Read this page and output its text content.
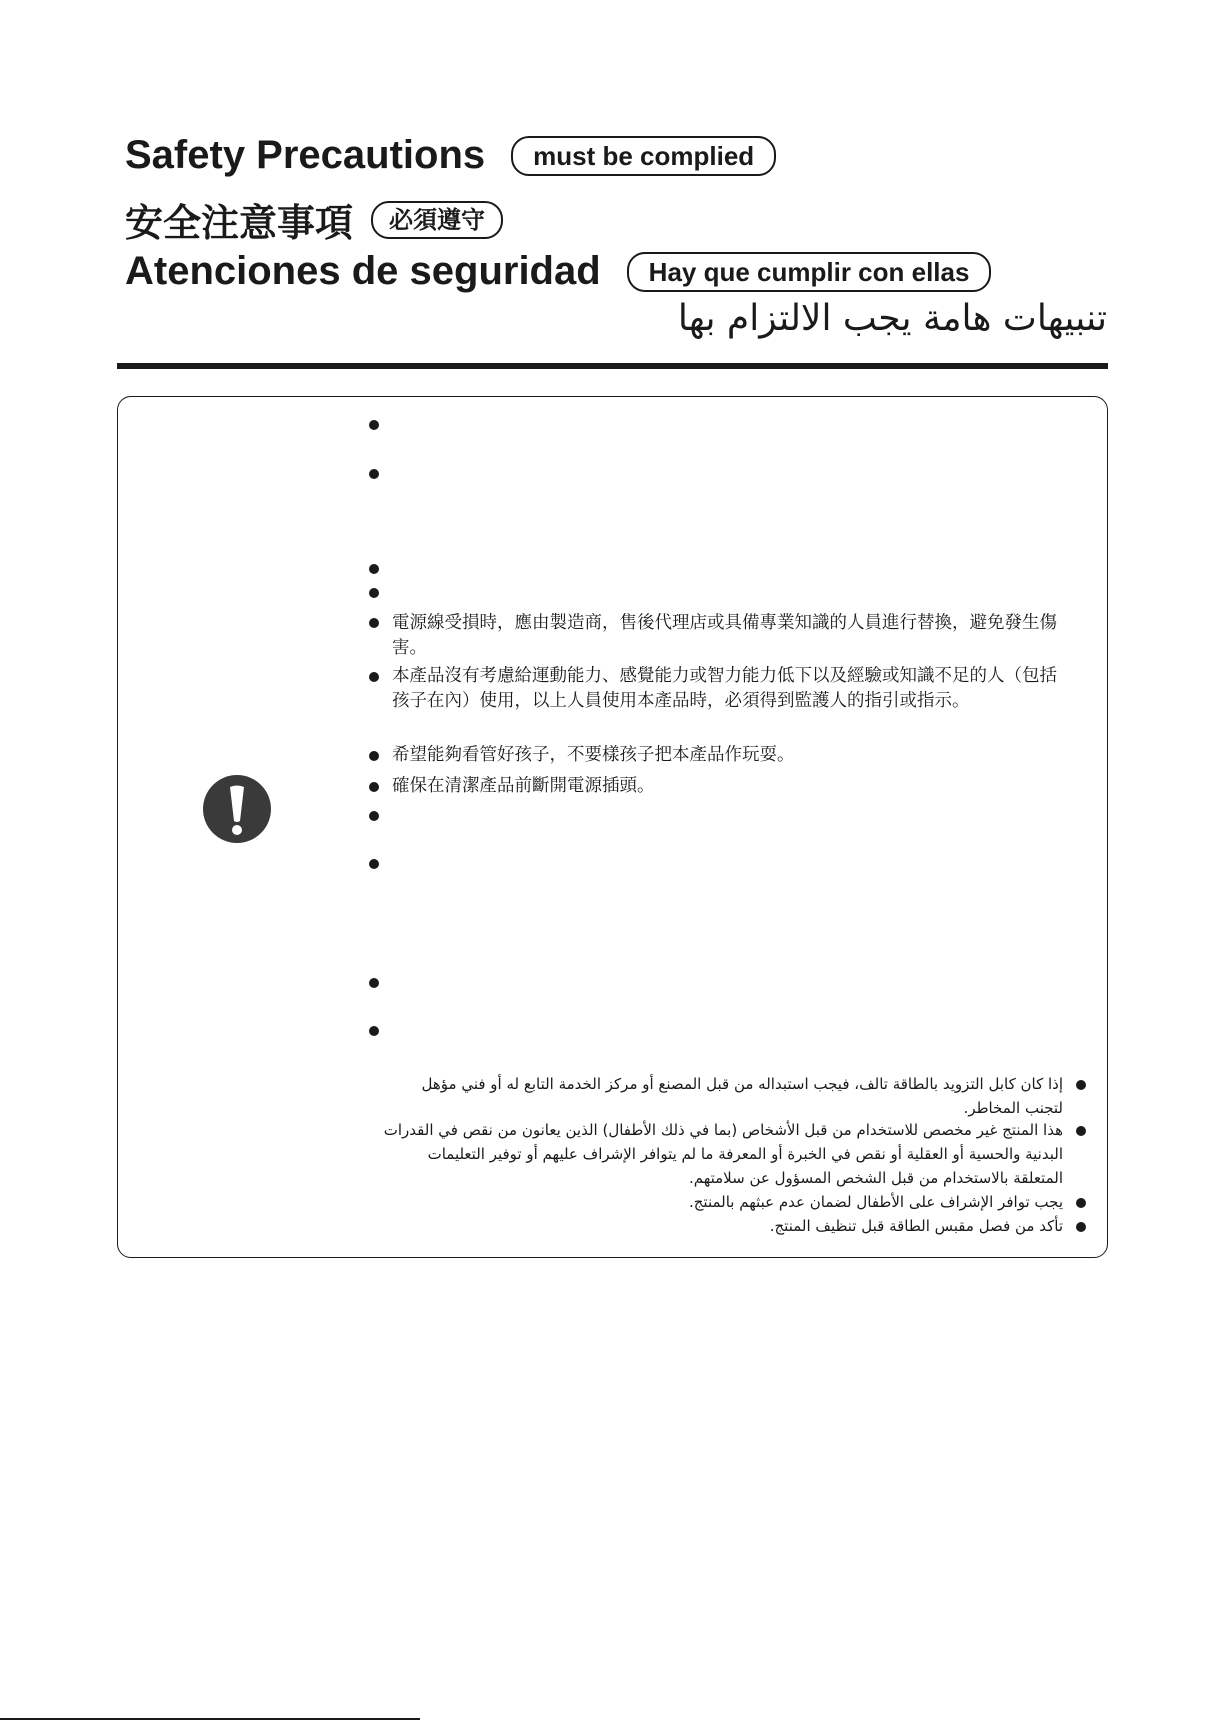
Safety Precautions	must be complied
安全注意事項	必須遵守
Atenciones de seguridad	Hay que cumplir con ellas
تنبيهات هامة يجب الالتزام بها
電源線受損時，應由製造商，售後代理店或具備專業知識的人員進行替換，避免發生傷害。
本產品沒有考慮給運動能力、感覺能力或智力能力低下以及經驗或知識不足的人（包括孩子在內）使用，以上人員使用本產品時，必須得到監護人的指引或指示。
希望能夠看管好孩子，不要樣孩子把本產品作玩耍。
確保在清潔產品前斷開電源插頭。
إذا كان كابل التزويد بالطاقة تالف، فيجب استبداله من قبل المصنع أو مركز الخدمة التابع له أو فني مؤهل لتجنب المخاطر.
هذا المنتج غير مخصص للاستخدام من قبل الأشخاص (بما في ذلك الأطفال) الذين يعانون من نقص في القدرات البدنية والحسية أو العقلية أو نقص في الخبرة أو المعرفة ما لم يتوافر الإشراف عليهم أو توفير التعليمات المتعلقة بالاستخدام من قبل الشخص المسؤول عن سلامتهم.
يجب توافر الإشراف على الأطفال لضمان عدم عبثهم بالمنتج.
تأكد من فصل مقبس الطاقة قبل تنظيف المنتج.
